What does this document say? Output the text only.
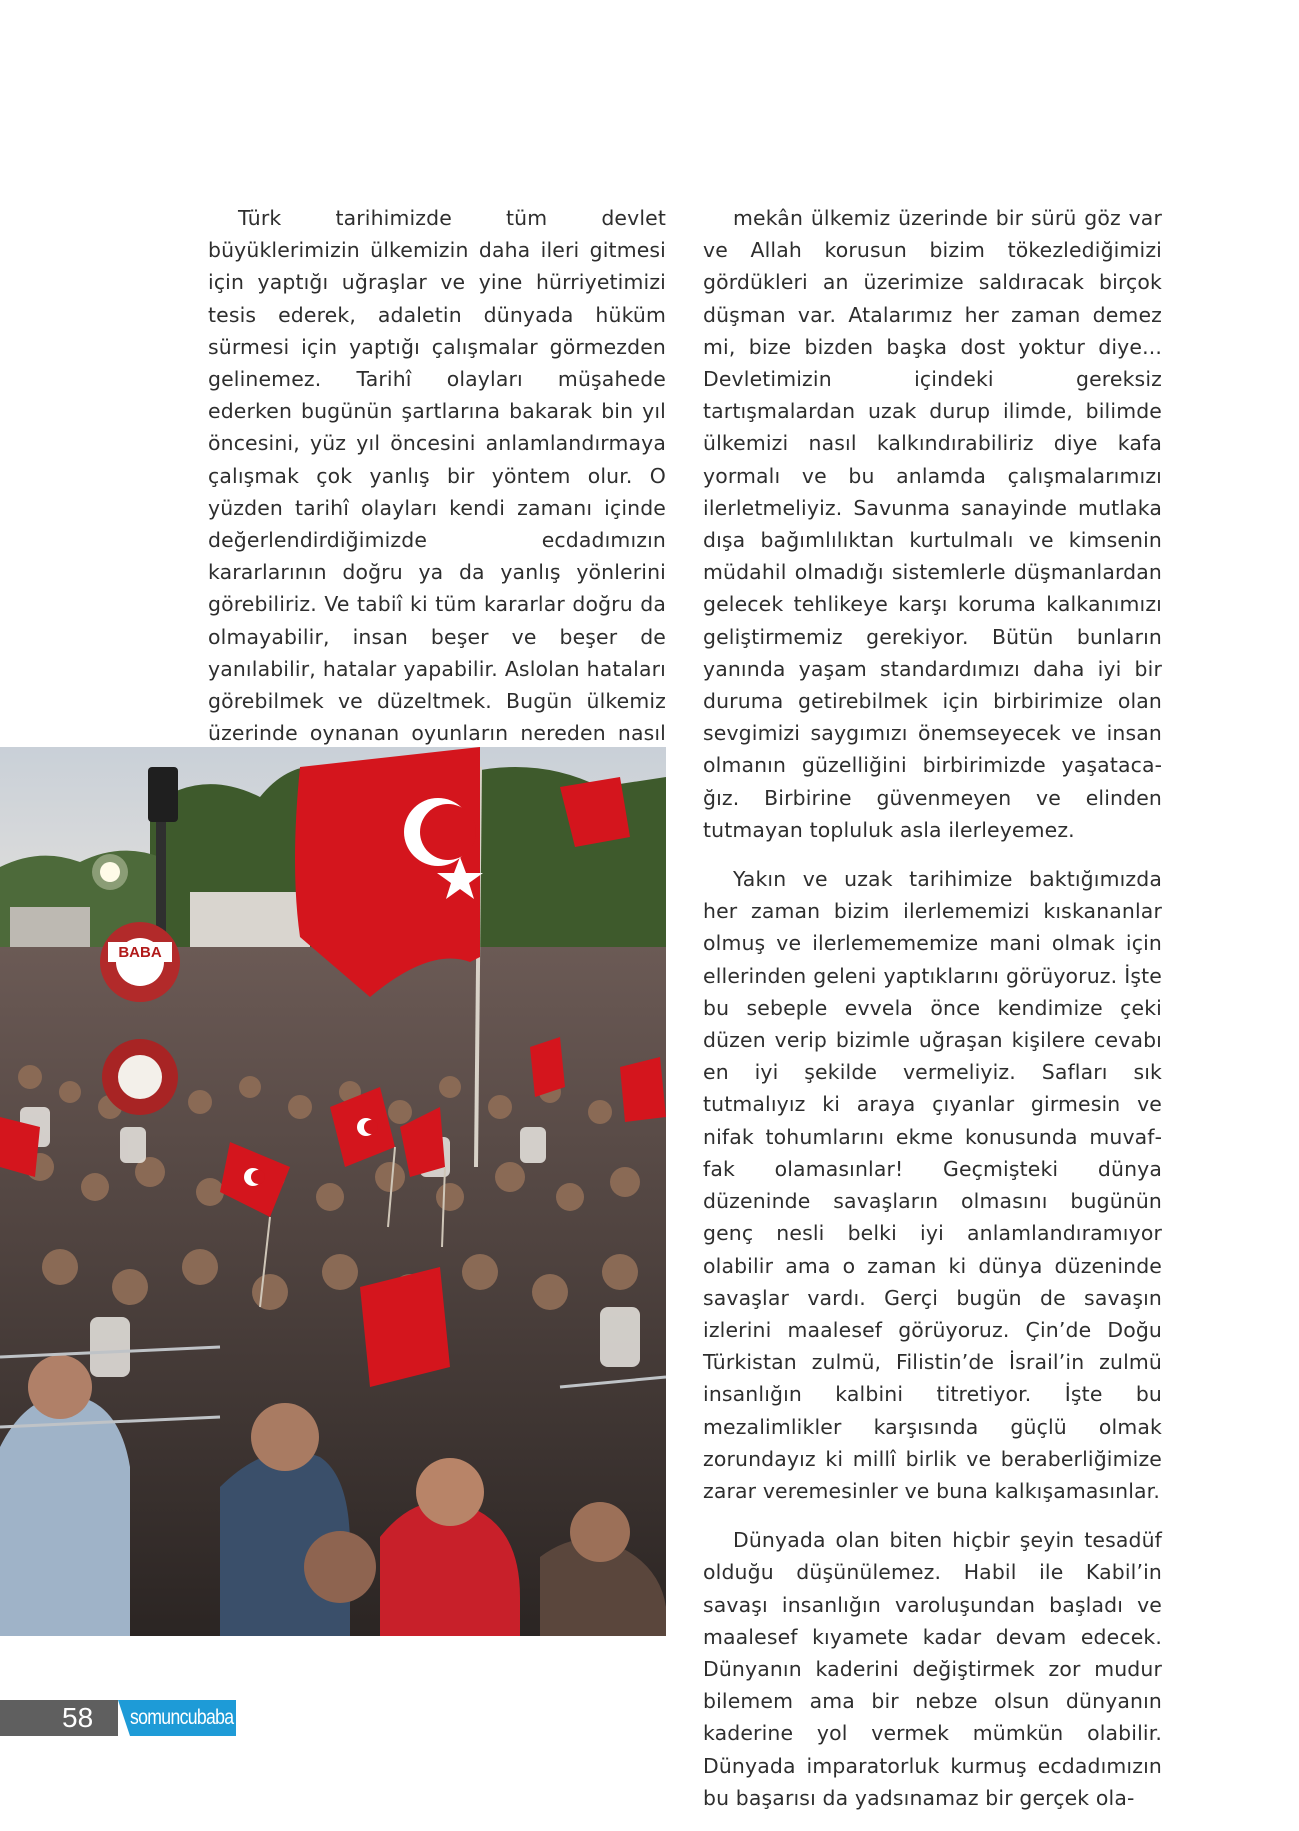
Türk tarihimizde tüm devlet büyüklerimizin ülkemizin daha ileri gitmesi için yaptığı uğraşlar ve yine hürriyetimizi tesis ederek, adaletin dünyada hüküm sürmesi için yaptığı çalışmalar görmezden gelinemez. Tarihî olayları müşahede ederken bugünün şartlarına bakarak bin yıl öncesini, yüz yıl öncesini anlamlandırmaya çalışmak çok yanlış bir yöntem olur. O yüzden tarihî olayları kendi zamanı içinde değerlendirdiğimizde ecdadımızın kararlarının doğru ya da yanlış yönlerini görebiliriz. Ve tabiî ki tüm kararlar doğru da olmayabilir, insan beşer ve beşer de yanılabilir, hatalar yapabilir. Aslolan hataları görebilmek ve düzeltmek. Bugün ülkemiz üzerinde oynanan oyunların nereden nasıl

mekân ülkemiz üzerinde bir sürü göz var ve Allah korusun bizim tökezlediğimizi gördükleri an üzerimize saldıracak birçok düşman var. Atalarımız her zaman demez mi, bize bizden başka dost yoktur diye... Devletimizin içindeki gereksiz tartışmalardan uzak durup ilimde, bilimde ülkemizi nasıl kalkındırabiliriz diye kafa yormalı ve bu anlamda çalışmalarımızı ilerletmeliyiz. Savunma sanayinde mutlaka dışa bağımlılıktan kurtulmalı ve kimsenin müdahil olmadığı sistemlerle düşmanlardan gelecek tehlikeye karşı koruma kalkanımızı geliştirmemiz gerekiyor. Bütün bunların yanında yaşam standardımızı daha iyi bir duruma getirebilmek için birbirimize olan sevgimizi saygımızı önemseyecek ve insan olmanın güzelliğini birbirimizde yaşatacağız. Birbirine güvenmeyen ve elinden tutmayan topluluk asla ilerleyemez.

Yakın ve uzak tarihimize baktığımızda her zaman bizim ilerlememizi kıskananlar olmuş ve ilerlemememize mani olmak için ellerinden geleni yaptıklarını görüyoruz. İşte bu sebeple evvela önce kendimize çeki düzen verip bizimle uğraşan kişilere cevabı en iyi şekilde vermeliyiz. Safları sık tutmalıyız ki araya çıyanlar girmesin ve nifak tohumlarını ekme konusunda muvaffak olamasınlar! Geçmişteki dünya düzeninde savaşların olmasını bugünün genç nesli belki iyi anlamlandıramıyor olabilir ama o zaman ki dünya düzeninde savaşlar vardı. Gerçi bugün de savaşın izlerini maalesef görüyoruz. Çin’de Doğu Türkistan zulmü, Filistin’de İsrail’in zulmü insanlığın kalbini titretiyor. İşte bu mezalimlikler karşısında güçlü olmak zorundayız ki millî birlik ve beraberliğimize zarar veremesinler ve buna kalkışamasınlar.

Dünyada olan biten hiçbir şeyin tesadüf olduğu düşünülemez. Habil ile Kabil’in savaşı insanlığın varoluşundan başladı ve maalesef kıyamete kadar devam edecek. Dünyanın kaderini değiştirmek zor mudur bilemem ama bir nebze olsun dünyanın kaderine yol vermek mümkün olabilir. Dünyada imparatorluk kurmuş ecdadımızın bu başarısı da yadsınamaz bir gerçek ola-

BABA
58	somuncubaba
